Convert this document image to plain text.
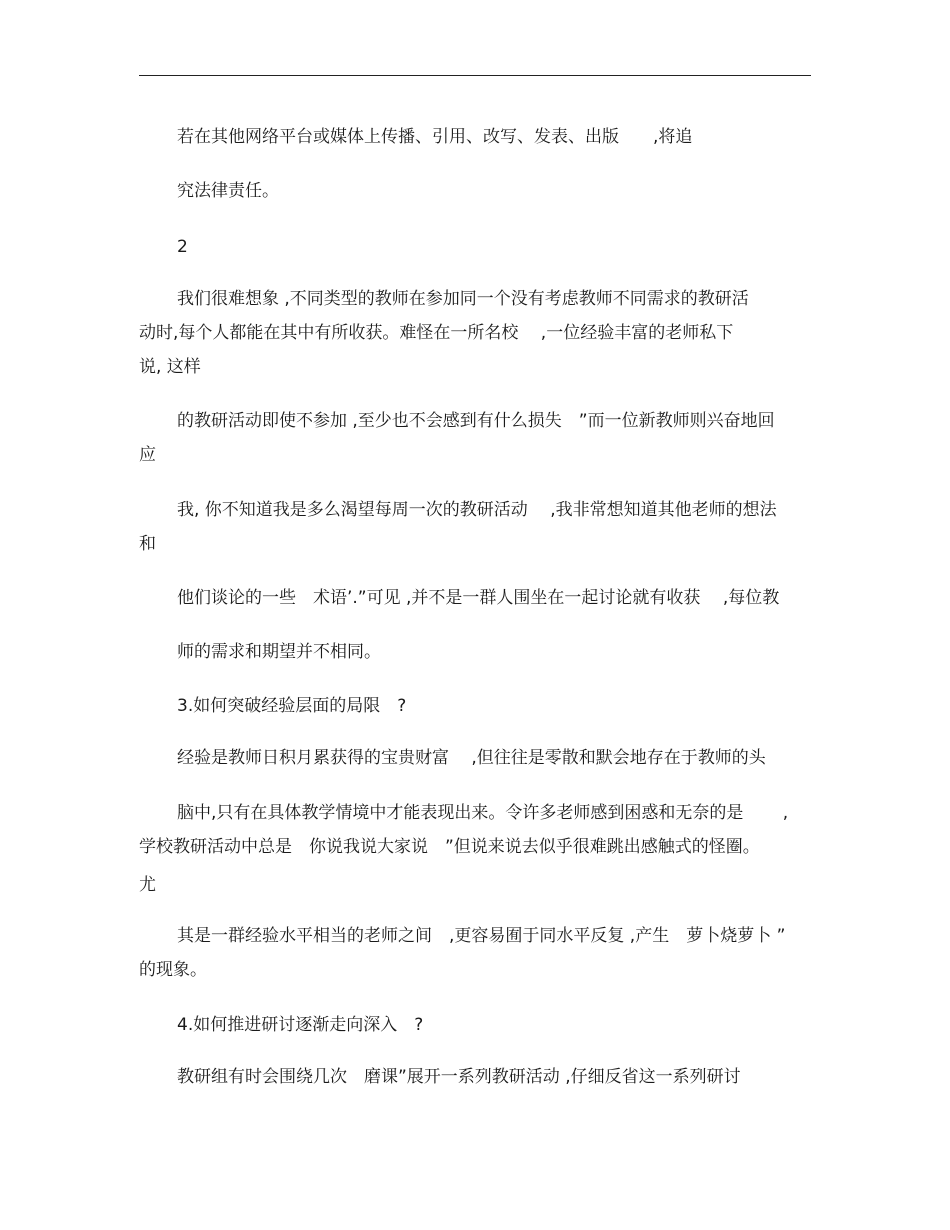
若在其他网络平台或媒体上传播、引用、改写、发表、出版　　,将追
究法律责任。
2
我们很难想象 ,不同类型的教师在参加同一个没有考虑教师不同需求的教研活
动时,每个人都能在其中有所收获。难怪在一所名校　 ,一位经验丰富的老师私下
说, 这样
的教研活动即使不参加 ,至少也不会感到有什么损失　”而一位新教师则兴奋地回
应
我, 你不知道我是多么渴望每周一次的教研活动　 ,我非常想知道其他老师的想法
和
他们谈论的一些　术语’.”可见 ,并不是一群人围坐在一起讨论就有收获　 ,每位教
师的需求和期望并不相同。
3.如何突破经验层面的局限　?
经验是教师日积月累获得的宝贵财富　 ,但往往是零散和默会地存在于教师的头
脑中,只有在具体教学情境中才能表现出来。令许多老师感到困惑和无奈的是　　 ,
学校教研活动中总是　你说我说大家说　”但说来说去似乎很难跳出感触式的怪圈。
尤
其是一群经验水平相当的老师之间　,更容易囿于同水平反复 ,产生　萝卜烧萝卜 ”
的现象。
4.如何推进研讨逐渐走向深入　?
教研组有时会围绕几次　磨课”展开一系列教研活动 ,仔细反省这一系列研讨
